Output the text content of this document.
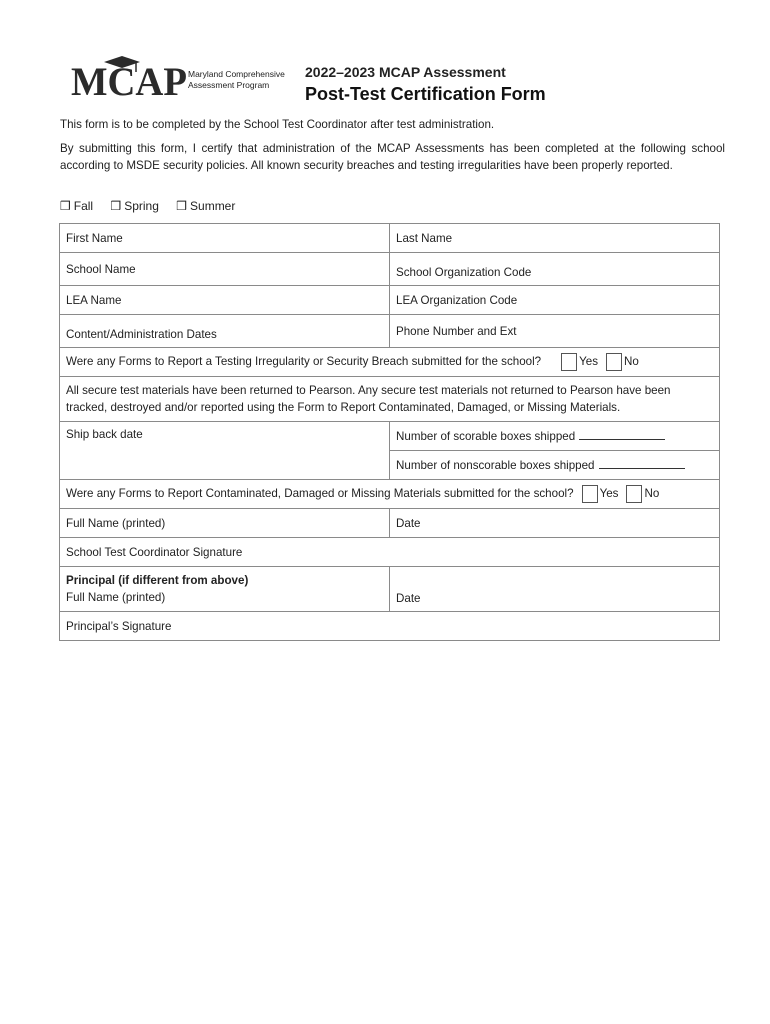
MCAP Maryland Comprehensive
Assessment Program
2022–2023 MCAP Assessment
Post-Test Certification Form
This form is to be completed by the School Test Coordinator after test administration.
By submitting this form, I certify that administration of the MCAP Assessments has been completed at the following school according to MSDE security policies. All known security breaches and testing irregularities have been properly reported.
❒ Fall ❒ Spring ❒ Summer
First Name	Last Name
School Name	School Organization Code
LEA Name	LEA Organization Code
Content/Administration Dates	Phone Number and Ext
Were any Forms to Report a Testing Irregularity or Security Breach submitted for the school? Yes No	
All secure test materials have been returned to Pearson. Any secure test materials not returned to Pearson have been tracked, destroyed and/or reported using the Form to Report Contaminated, Damaged, or Missing Materials.	
Ship back date	Number of scorable boxes shipped
	Number of nonscorable boxes shipped
Were any Forms to Report Contaminated, Damaged or Missing Materials submitted for the school? Yes No	
Full Name (printed)	Date
School Test Coordinator Signature	

Principal (if different from above)
Full Name (printed)	Date
Principal’s Signature	
